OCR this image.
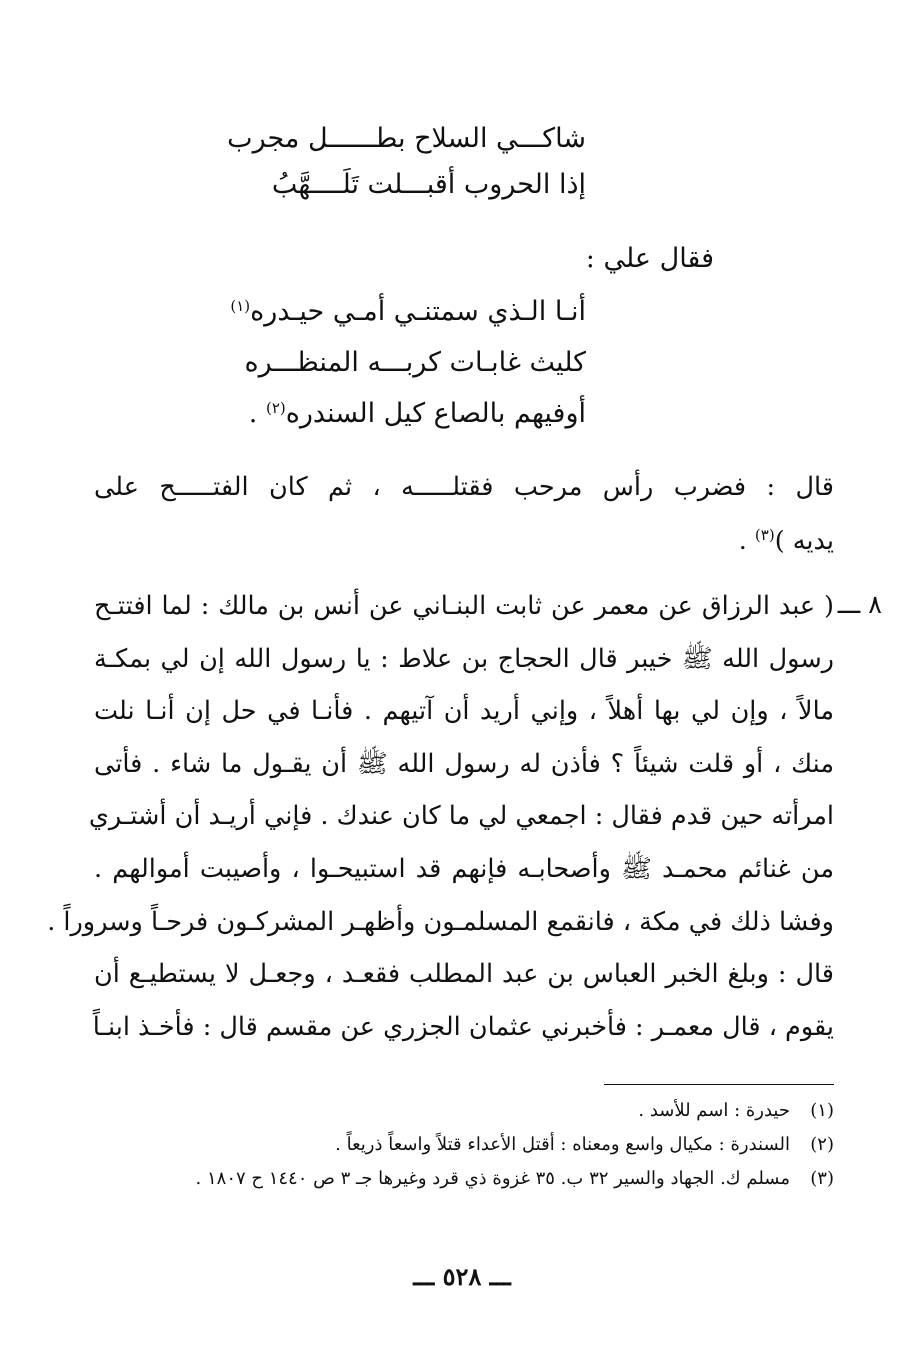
شاكـــي السلاح بطــــــل مجرب
إذا الحروب أقبـــلت تَلَــــهَّبُ
فقال علي :
أنـا الـذي سمتنـي أمـي حيـدره$^{(١)}$
كليث غابـات كربـــه المنظـــره
أوفيهم بالصاع كيل السندره$^{(٢)}$ .
قال : فضرب رأس مرحب فقتلـــــه ، ثم كان الفتـــــح على
يديه )$^{(٣)}$ .
٨ ـــ
( عبد الرزاق عن معمر عن ثابت البنـاني عن أنس بن مالك : لما افتتـح
رسول الله ﷺ خيبر قال الحجاج بن علاط : يا رسول الله إن لي بمكـة
مالاً ، وإن لي بها أهلاً ، وإني أريد أن آتيهم . فأنـا في حل إن أنـا نلت
منك ، أو قلت شيئاً ؟ فأذن له رسول الله ﷺ أن يقـول ما شاء . فأتى
امرأته حين قدم فقال : اجمعي لي ما كان عندك . فإني أريـد أن أشتـري
من غنائم محمـد ﷺ وأصحابـه فإنهم قد استبيحـوا ، وأصيبت أموالهم .
وفشا ذلك في مكة ، فانقمع المسلمـون وأظهـر المشركـون فرحـاً وسروراً .
قال : وبلغ الخبر العباس بن عبد المطلب فقعـد ، وجعـل لا يستطيـع أن
يقوم ، قال معمـر : فأخبرني عثمان الجزري عن مقسم قال : فأخـذ ابنـاً
(١)حيدرة : اسم للأسد .
(٢)السندرة : مكيال واسع ومعناه : أقتل الأعداء قتلاً واسعاً ذريعاً .
(٣)مسلم ك. الجهاد والسير ٣٢ ب. ٣٥ غزوة ذي قرد وغيرها جـ ٣ ص ١٤٤٠ ح ١٨٠٧ .
ـــ ٥٢٨ ـــ
